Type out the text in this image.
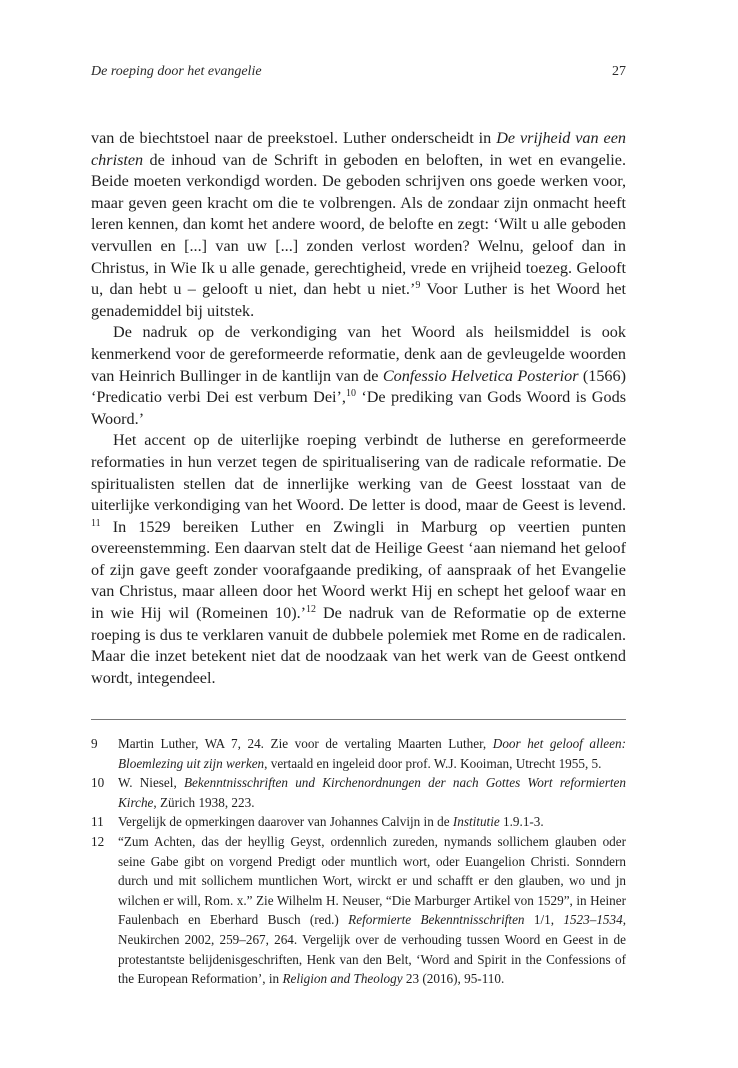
De roeping door het evangelie	27

van de biechtstoel naar de preekstoel. Luther onderscheidt in De vrijheid van een christen de inhoud van de Schrift in geboden en beloften, in wet en evangelie. Beide moeten verkondigd worden. De geboden schrijven ons goede werken voor, maar geven geen kracht om die te volbrengen. Als de zondaar zijn onmacht heeft leren kennen, dan komt het andere woord, de belofte en zegt: ‘Wilt u alle geboden vervullen en [...] van uw [...] zonden verlost worden? Welnu, geloof dan in Christus, in Wie Ik u alle genade, gerechtigheid, vrede en vrijheid toezeg. Gelooft u, dan hebt u – gelooft u niet, dan hebt u niet.’$^9$ Voor Luther is het Woord het genademiddel bij uitstek.

De nadruk op de verkondiging van het Woord als heilsmiddel is ook kenmerkend voor de gereformeerde reformatie, denk aan de gevleugelde woorden van Heinrich Bullinger in de kantlijn van de Confessio Helvetica Posterior (1566) ‘Predicatio verbi Dei est verbum Dei’,$^{10}$ ‘De prediking van Gods Woord is Gods Woord.’

Het accent op de uiterlijke roeping verbindt de lutherse en gereformeerde reformaties in hun verzet tegen de spiritualisering van de radicale reformatie. De spiritualisten stellen dat de innerlijke werking van de Geest losstaat van de uiterlijke verkondiging van het Woord. De letter is dood, maar de Geest is levend. $^{11}$ In 1529 bereiken Luther en Zwingli in Marburg op veertien punten overeenstemming. Een daarvan stelt dat de Heilige Geest ‘aan niemand het geloof of zijn gave geeft zonder voorafgaande prediking, of aanspraak of het Evangelie van Christus, maar alleen door het Woord werkt Hij en schept het geloof waar en in wie Hij wil (Romeinen 10).’$^{12}$ De nadruk van de Reformatie op de externe roeping is dus te verklaren vanuit de dubbele polemiek met Rome en de radicalen. Maar die inzet betekent niet dat de noodzaak van het werk van de Geest ontkend wordt, integendeel.

9	Martin Luther, WA 7, 24. Zie voor de vertaling Maarten Luther, Door het geloof alleen: Bloemlezing uit zijn werken, vertaald en ingeleid door prof. W.J. Kooiman, Utrecht 1955, 5.
10	W. Niesel, Bekenntnisschriften und Kirchenordnungen der nach Gottes Wort reformierten Kirche, Zürich 1938, 223.
11	Vergelijk de opmerkingen daarover van Johannes Calvijn in de Institutie 1.9.1-3.
12	“Zum Achten, das der heyllig Geyst, ordennlich zureden, nymands sollichem glauben oder seine Gabe gibt on vorgend Predigt oder muntlich wort, oder Euangelion Christi. Sonndern durch und mit sollichem muntlichen Wort, wirckt er und schafft er den glauben, wo und jn wilchen er will, Rom. x.” Zie Wilhelm H. Neuser, “Die Marburger Artikel von 1529”, in Heiner Faulenbach en Eberhard Busch (red.) Reformierte Bekenntnisschriften 1/1, 1523–1534, Neukirchen 2002, 259–267, 264. Vergelijk over de verhouding tussen Woord en Geest in de protestantste belijdenisgeschriften, Henk van den Belt, ‘Word and Spirit in the Confessions of the European Reformation’, in Religion and Theology 23 (2016), 95-110.
